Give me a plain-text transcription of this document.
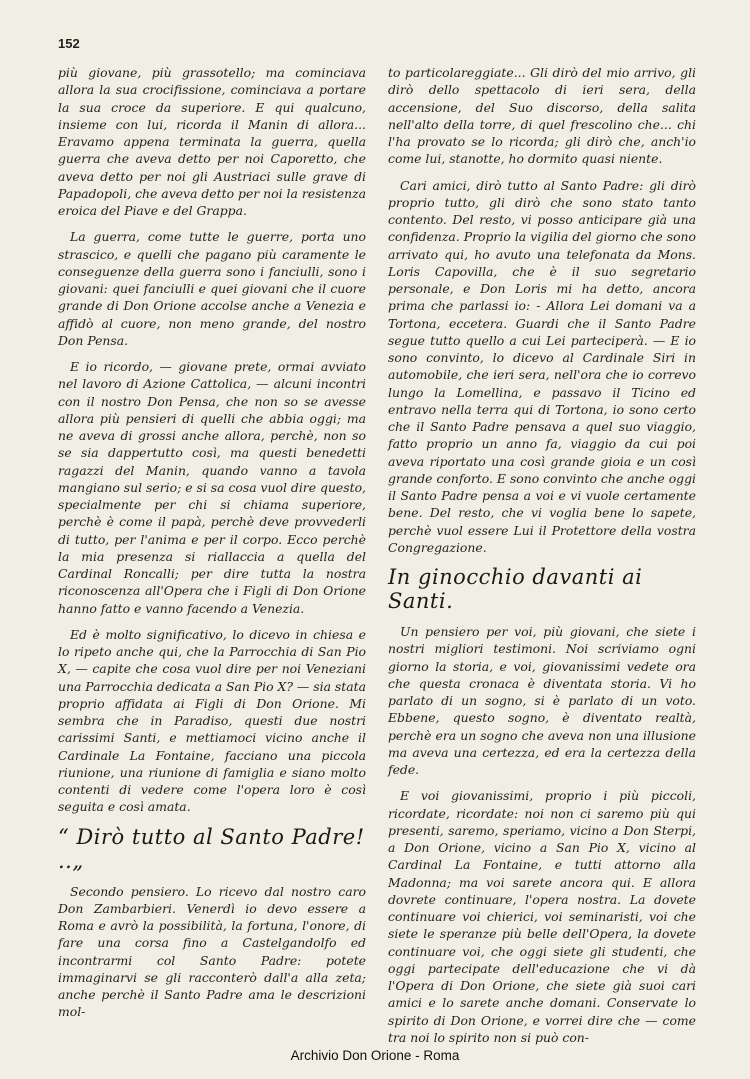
152

più giovane, più grassotello; ma cominciava allora la sua crocifissione, cominciava a portare la sua croce da superiore. E qui qualcuno, insieme con lui, ricorda il Manin di allora... Eravamo appena terminata la guerra, quella guerra che aveva detto per noi Caporetto, che aveva detto per noi gli Austriaci sulle grave di Papadopoli, che aveva detto per noi la resistenza eroica del Piave e del Grappa.

La guerra, come tutte le guerre, porta uno strascico, e quelli che pagano più caramente le conseguenze della guerra sono i fanciulli, sono i giovani: quei fanciulli e quei giovani che il cuore grande di Don Orione accolse anche a Venezia e affidò al cuore, non meno grande, del nostro Don Pensa.

E io ricordo, — giovane prete, ormai avviato nel lavoro di Azione Cattolica, — alcuni incontri con il nostro Don Pensa, che non so se avesse allora più pensieri di quelli che abbia oggi; ma ne aveva di grossi anche allora, perchè, non so se sia dappertutto così, ma questi benedetti ragazzi del Manin, quando vanno a tavola mangiano sul serio; e si sa cosa vuol dire questo, specialmente per chi si chiama superiore, perchè è come il papà, perchè deve provvederli di tutto, per l'anima e per il corpo. Ecco perchè la mia presenza si riallaccia a quella del Cardinal Roncalli; per dire tutta la nostra riconoscenza all'Opera che i Figli di Don Orione hanno fatto e vanno facendo a Venezia.

Ed è molto significativo, lo dicevo in chiesa e lo ripeto anche qui, che la Parrocchia di San Pio X, — capite che cosa vuol dire per noi Veneziani una Parrocchia dedicata a San Pio X? — sia stata proprio affidata ai Figli di Don Orione. Mi sembra che in Paradiso, questi due nostri carissimi Santi, e mettiamoci vicino anche il Cardinale La Fontaine, facciano una piccola riunione, una riunione di famiglia e siano molto contenti di vedere come l'opera loro è così seguita e così amata.

“ Dirò tutto al Santo Padre! ..„

Secondo pensiero. Lo ricevo dal nostro caro Don Zambarbieri. Venerdì io devo essere a Roma e avrò la possibilità, la fortuna, l'onore, di fare una corsa fino a Castelgandolfo ed incontrarmi col Santo Padre: potete immaginarvi se gli racconterò dall'a alla zeta; anche perchè il Santo Padre ama le descrizioni mol-

to particolareggiate... Gli dirò del mio arrivo, gli dirò dello spettacolo di ieri sera, della accensione, del Suo discorso, della salita nell'alto della torre, di quel frescolino che... chi l'ha provato se lo ricorda; gli dirò che, anch'io come lui, stanotte, ho dormito quasi niente.

Cari amici, dirò tutto al Santo Padre: gli dirò proprio tutto, gli dirò che sono stato tanto contento. Del resto, vi posso anticipare già una confidenza. Proprio la vigilia del giorno che sono arrivato qui, ho avuto una telefonata da Mons. Loris Capovilla, che è il suo segretario personale, e Don Loris mi ha detto, ancora prima che parlassi io: - Allora Lei domani va a Tortona, eccetera. Guardi che il Santo Padre segue tutto quello a cui Lei parteciperà. — E io sono convinto, lo dicevo al Cardinale Siri in automobile, che ieri sera, nell'ora che io correvo lungo la Lomellina, e passavo il Ticino ed entravo nella terra qui di Tortona, io sono certo che il Santo Padre pensava a quel suo viaggio, fatto proprio un anno fa, viaggio da cui poi aveva riportato una così grande gioia e un così grande conforto. E sono convinto che anche oggi il Santo Padre pensa a voi e vi vuole certamente bene. Del resto, che vi voglia bene lo sapete, perchè vuol essere Lui il Protettore della vostra Congregazione.

In ginocchio davanti ai Santi.

Un pensiero per voi, più giovani, che siete i nostri migliori testimoni. Noi scriviamo ogni giorno la storia, e voi, giovanissimi vedete ora che questa cronaca è diventata storia. Vi ho parlato di un sogno, si è parlato di un voto. Ebbene, questo sogno, è diventato realtà, perchè era un sogno che aveva non una illusione ma aveva una certezza, ed era la certezza della fede.

E voi giovanissimi, proprio i più piccoli, ricordate, ricordate: noi non ci saremo più qui presenti, saremo, speriamo, vicino a Don Sterpi, a Don Orione, vicino a San Pio X, vicino al Cardinal La Fontaine, e tutti attorno alla Madonna; ma voi sarete ancora qui. E allora dovrete continuare, l'opera nostra. La dovete continuare voi chierici, voi seminaristi, voi che siete le speranze più belle dell'Opera, la dovete continuare voi, che oggi siete gli studenti, che oggi partecipate dell'educazione che vi dà l'Opera di Don Orione, che siete già suoi cari amici e lo sarete anche domani. Conservate lo spirito di Don Orione, e vorrei dire che — come tra noi lo spirito non si può con-

Archivio Don Orione - Roma
